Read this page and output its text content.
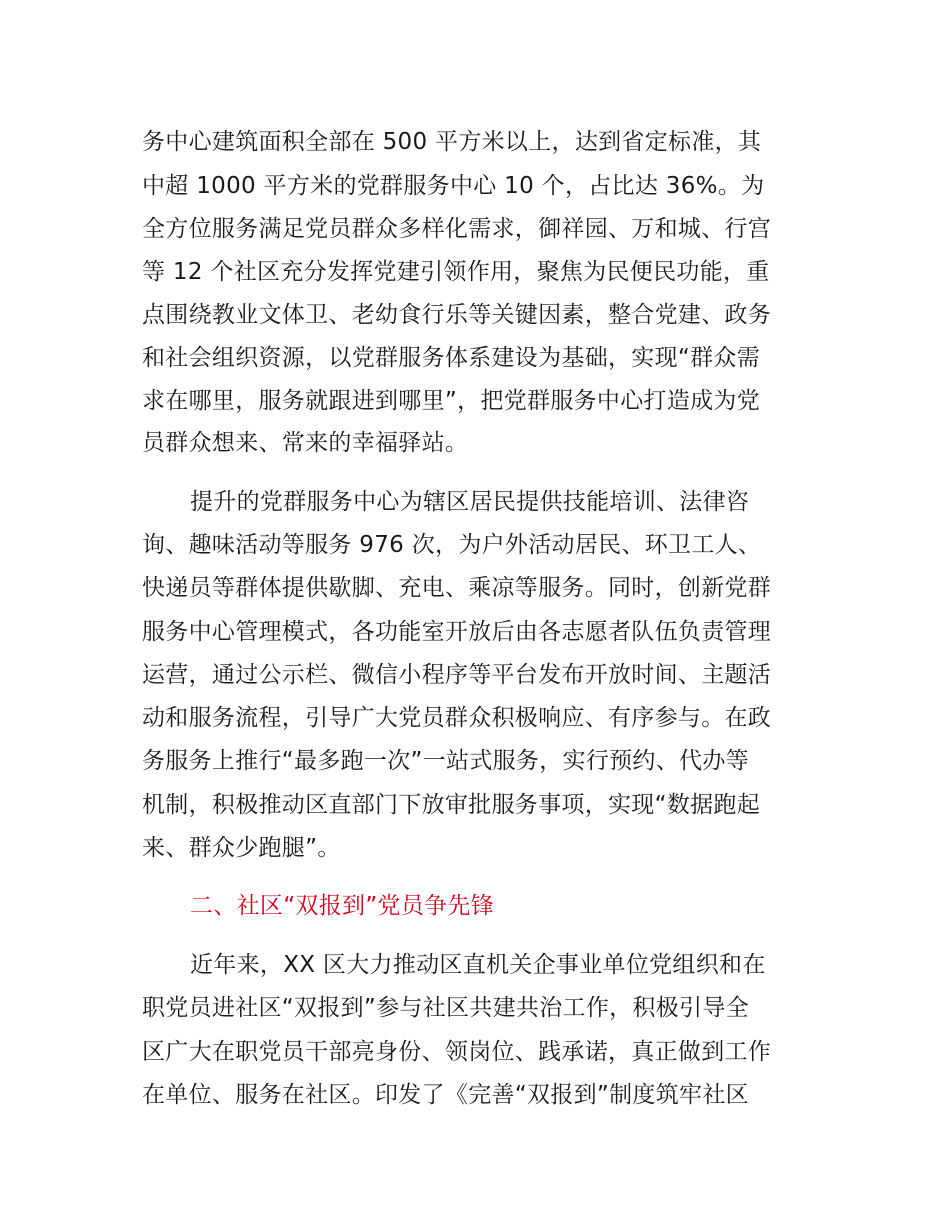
务中心建筑面积全部在 500 平方米以上，达到省定标准，其
中超 1000 平方米的党群服务中心 10 个，占比达 36%。为
全方位服务满足党员群众多样化需求，御祥园、万和城、行宫
等 12 个社区充分发挥党建引领作用，聚焦为民便民功能，重
点围绕教业文体卫、老幼食行乐等关键因素，整合党建、政务
和社会组织资源，以党群服务体系建设为基础，实现“群众需
求在哪里，服务就跟进到哪里”，把党群服务中心打造成为党
员群众想来、常来的幸福驿站。
提升的党群服务中心为辖区居民提供技能培训、法律咨
询、趣味活动等服务 976 次，为户外活动居民、环卫工人、
快递员等群体提供歇脚、充电、乘凉等服务。同时，创新党群
服务中心管理模式，各功能室开放后由各志愿者队伍负责管理
运营，通过公示栏、微信小程序等平台发布开放时间、主题活
动和服务流程，引导广大党员群众积极响应、有序参与。在政
务服务上推行“最多跑一次”一站式服务，实行预约、代办等
机制，积极推动区直部门下放审批服务事项，实现“数据跑起
来、群众少跑腿”。
二、社区“双报到”党员争先锋
近年来，XX 区大力推动区直机关企事业单位党组织和在
职党员进社区“双报到”参与社区共建共治工作，积极引导全
区广大在职党员干部亮身份、领岗位、践承诺，真正做到工作
在单位、服务在社区。印发了《完善“双报到”制度筑牢社区
